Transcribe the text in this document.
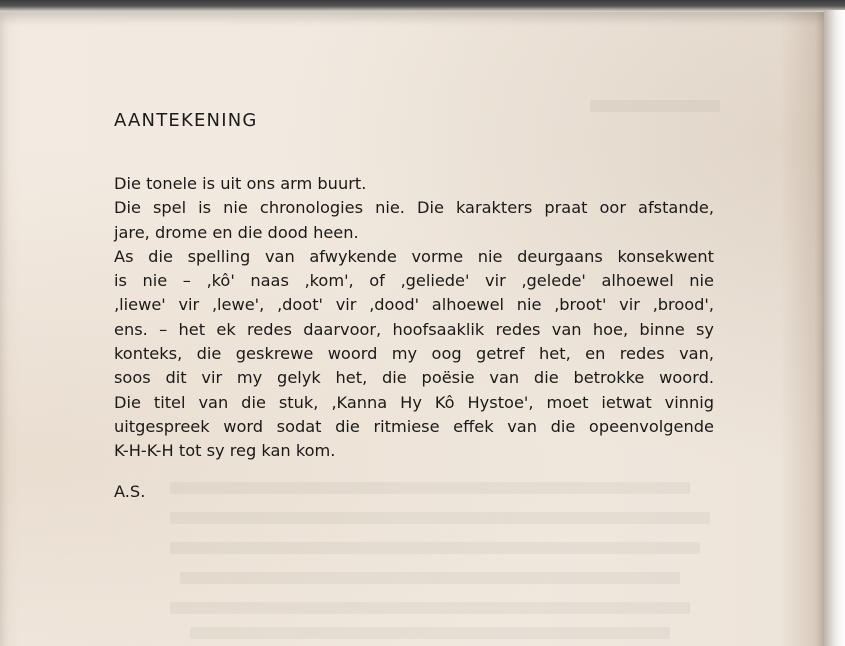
AANTEKENING

Die tonele is uit ons arm buurt.

Die spel is nie chronologies nie. Die karakters praat oor afstande,

jare, drome en die dood heen.

As die spelling van afwykende vorme nie deurgaans konsekwent

is nie – ‚kô' naas ‚kom', of ‚geliede' vir ‚gelede' alhoewel nie

‚liewe' vir ‚lewe', ‚doot' vir ‚dood' alhoewel nie ‚broot' vir ‚brood',

ens. – het ek redes daarvoor, hoofsaaklik redes van hoe, binne sy

konteks, die geskrewe woord my oog getref het, en redes van,

soos dit vir my gelyk het, die poësie van die betrokke woord.

Die titel van die stuk, ‚Kanna Hy Kô Hystoe', moet ietwat vinnig

uitgespreek word sodat die ritmiese effek van die opeenvolgende

K-H-K-H tot sy reg kan kom.

A.S.
